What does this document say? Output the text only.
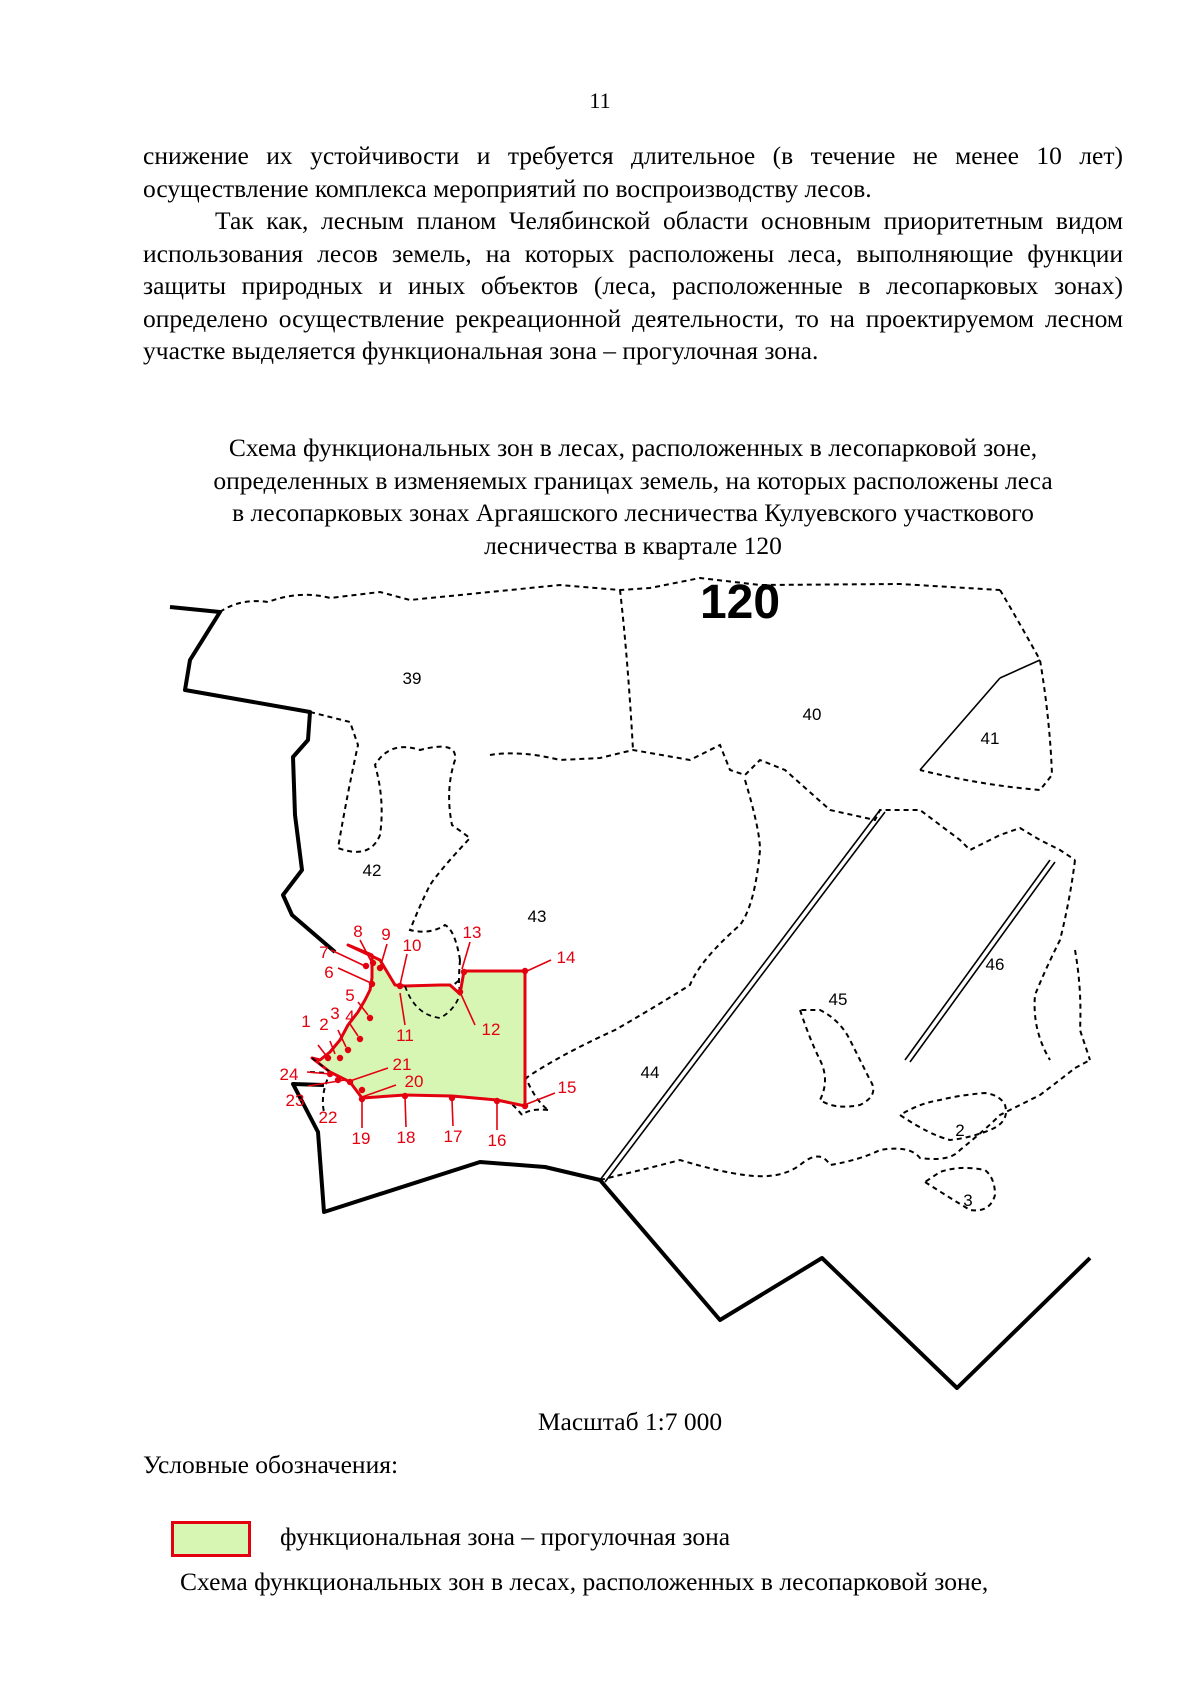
11

снижение их устойчивости и требуется длительное (в течение не менее 10 лет) осуществление комплекса мероприятий по воспроизводству лесов.

Так как, лесным планом Челябинской области основным приоритетным видом использования лесов земель, на которых расположены леса, выполняющие функции защиты природных и иных объектов (леса, расположенные в лесопарковых зонах) определено осуществление рекреационной деятельности, то на проектируемом лесном участке выделяется функциональная зона – прогулочная зона.

Схема функциональных зон в лесах, расположенных в лесопарковой зоне,
определенных в изменяемых границах земель, на которых расположены леса
в лесопарковых зонах Аргаяшского лесничества Кулуевского участкового
лесничества в квартале 120
120
39
40
41
42
43
44
45
46
2
3
1 2
3 4
5
6
7
8 9
10
11	12
13
14
15
16
17
18
19
20
21
23
24
22
Масштаб 1:7 000
Условные обозначения:
функциональная зона – прогулочная зона
Схема функциональных зон в лесах, расположенных в лесопарковой зоне,
